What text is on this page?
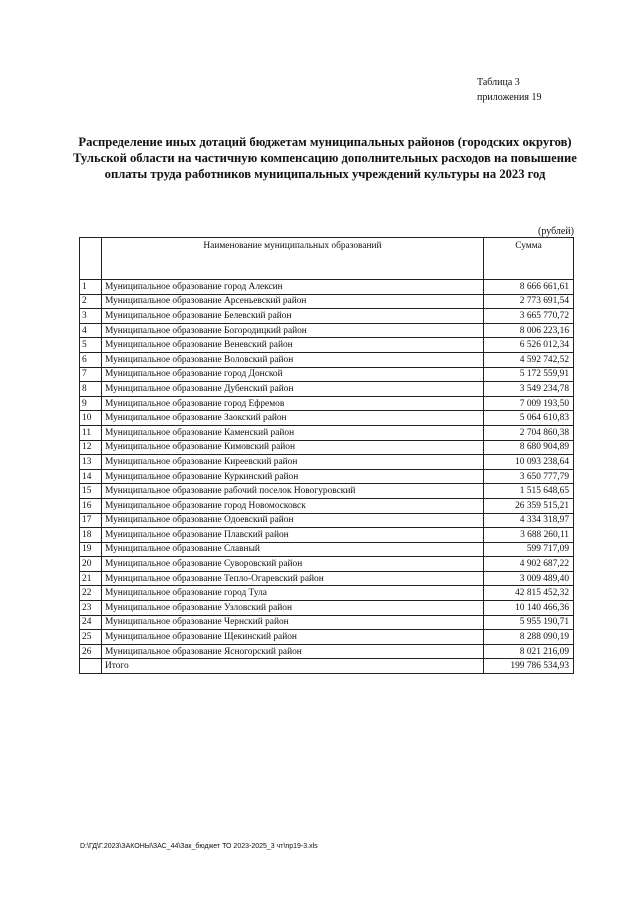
Таблица 3
приложения 19
Распределение иных дотаций бюджетам муниципальных районов (городских округов) Тульской области на частичную компенсацию дополнительных расходов на повышение оплаты труда работников муниципальных учреждений культуры на 2023 год
(рублей)
	Наименование муниципальных образований	Сумма
1	Муниципальное образование город Алексин	8 666 661,61
2	Муниципальное образование Арсеньевский район	2 773 691,54
3	Муниципальное образование Белевский район	3 665 770,72
4	Муниципальное образование Богородицкий район	8 006 223,16
5	Муниципальное образование Веневский район	6 526 012,34
6	Муниципальное образование Воловский район	4 592 742,52
7	Муниципальное образование город Донской	5 172 559,91
8	Муниципальное образование Дубенский район	3 549 234,78
9	Муниципальное образование город Ефремов	7 009 193,50
10	Муниципальное образование Заокский район	5 064 610,83
11	Муниципальное образование Каменский район	2 704 860,38
12	Муниципальное образование Кимовский район	8 680 904,89
13	Муниципальное образование Киреевский район	10 093 238,64
14	Муниципальное образование Куркинский район	3 650 777,79
15	Муниципальное образование рабочий поселок Новогуровский	1 515 648,65
16	Муниципальное образование город Новомосковск	26 359 515,21
17	Муниципальное образование Одоевский район	4 334 318,97
18	Муниципальное образование Плавский район	3 688 260,11
19	Муниципальное образование Славный	599 717,09
20	Муниципальное образование Суворовский район	4 902 687,22
21	Муниципальное образование Тепло-Огаревский район	3 009 489,40
22	Муниципальное образование город Тула	42 815 452,32
23	Муниципальное образование Узловский район	10 140 466,36
24	Муниципальное образование Чернский район	5 955 190,71
25	Муниципальное образование Щекинский район	8 288 090,19
26	Муниципальное образование Ясногорский район	8 021 216,09
	Итого	199 786 534,93
D:\ГД\Г.2023\ЗАКОНЫ\ЗАС_44\Зак_бюджет ТО 2023-2025_3 чт\пр19-3.xls
